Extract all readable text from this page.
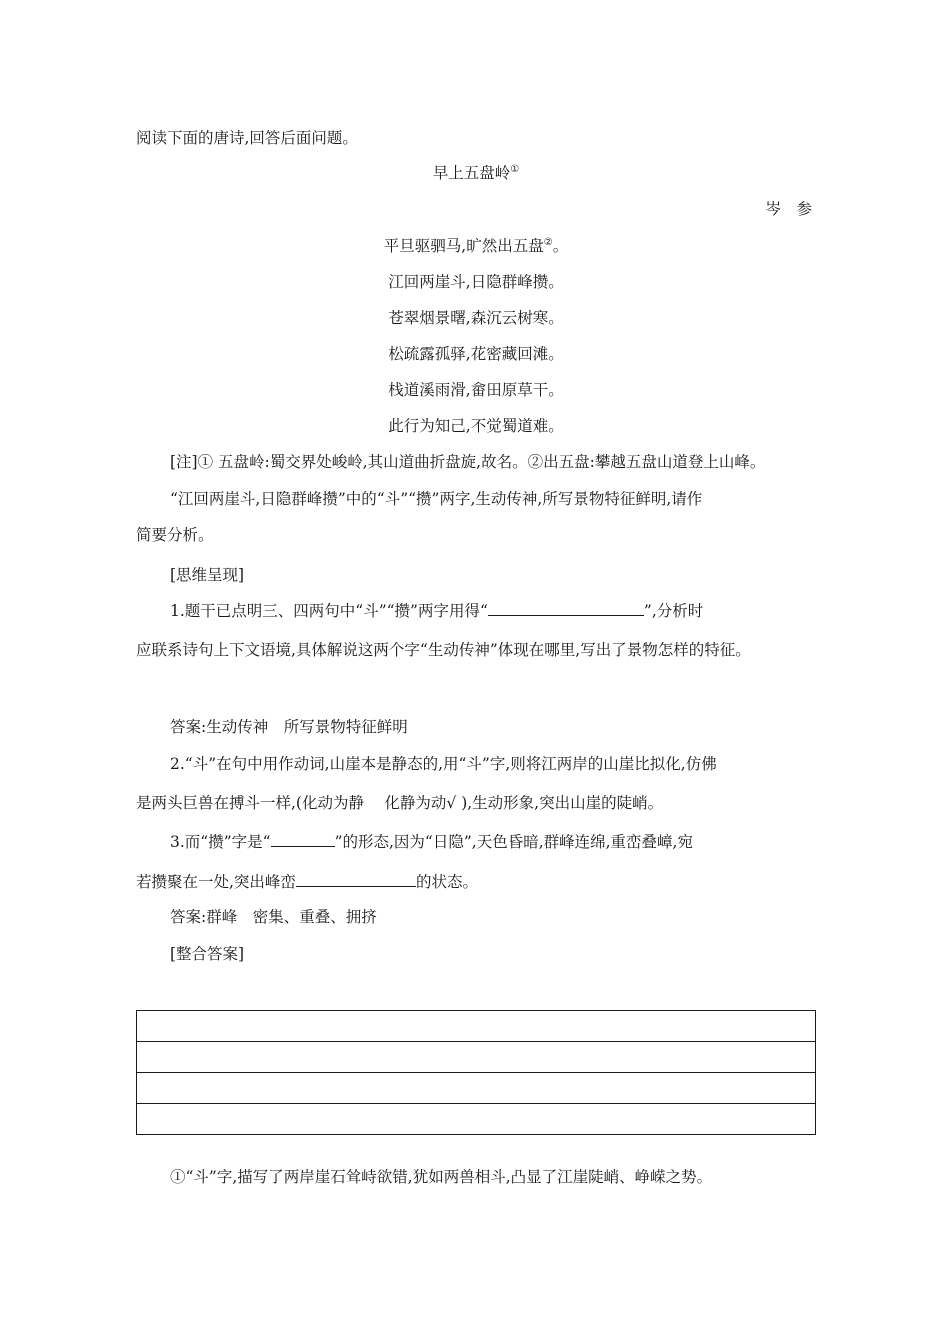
阅读下面的唐诗,回答后面问题。
早上五盘岭①
岑　参
平旦驱驷马,旷然出五盘②。
江回两崖斗,日隐群峰攒。
苍翠烟景曙,森沉云树寒。
松疏露孤驿,花密藏回滩。
栈道溪雨滑,畲田原草干。
此行为知己,不觉蜀道难。
[注]① 五盘岭:蜀交界处峻岭,其山道曲折盘旋,故名。②出五盘:攀越五盘山道登上山峰。
“江回两崖斗,日隐群峰攒”中的“斗”“攒”两字,生动传神,所写景物特征鲜明,请作
简要分析。
[思维呈现]
1.题干已点明三、四两句中“斗”“攒”两字用得“	”,分析时
应联系诗句上下文语境,具体解说这两个字“生动传神”体现在哪里,写出了景物怎样的特征。
答案:生动传神　所写景物特征鲜明
2.“斗”在句中用作动词,山崖本是静态的,用“斗”字,则将江两岸的山崖比拟化,仿佛
是两头巨兽在搏斗一样,(化动为静　 化静为动√ ),生动形象,突出山崖的陡峭。
3.而“攒”字是“	”的形态,因为“日隐”,天色昏暗,群峰连绵,重峦叠嶂,宛
若攒聚在一处,突出峰峦	的状态。
答案:群峰　密集、重叠、拥挤
[整合答案]
①“斗”字,描写了两岸崖石耸峙欲错,犹如两兽相斗,凸显了江崖陡峭、峥嵘之势。
